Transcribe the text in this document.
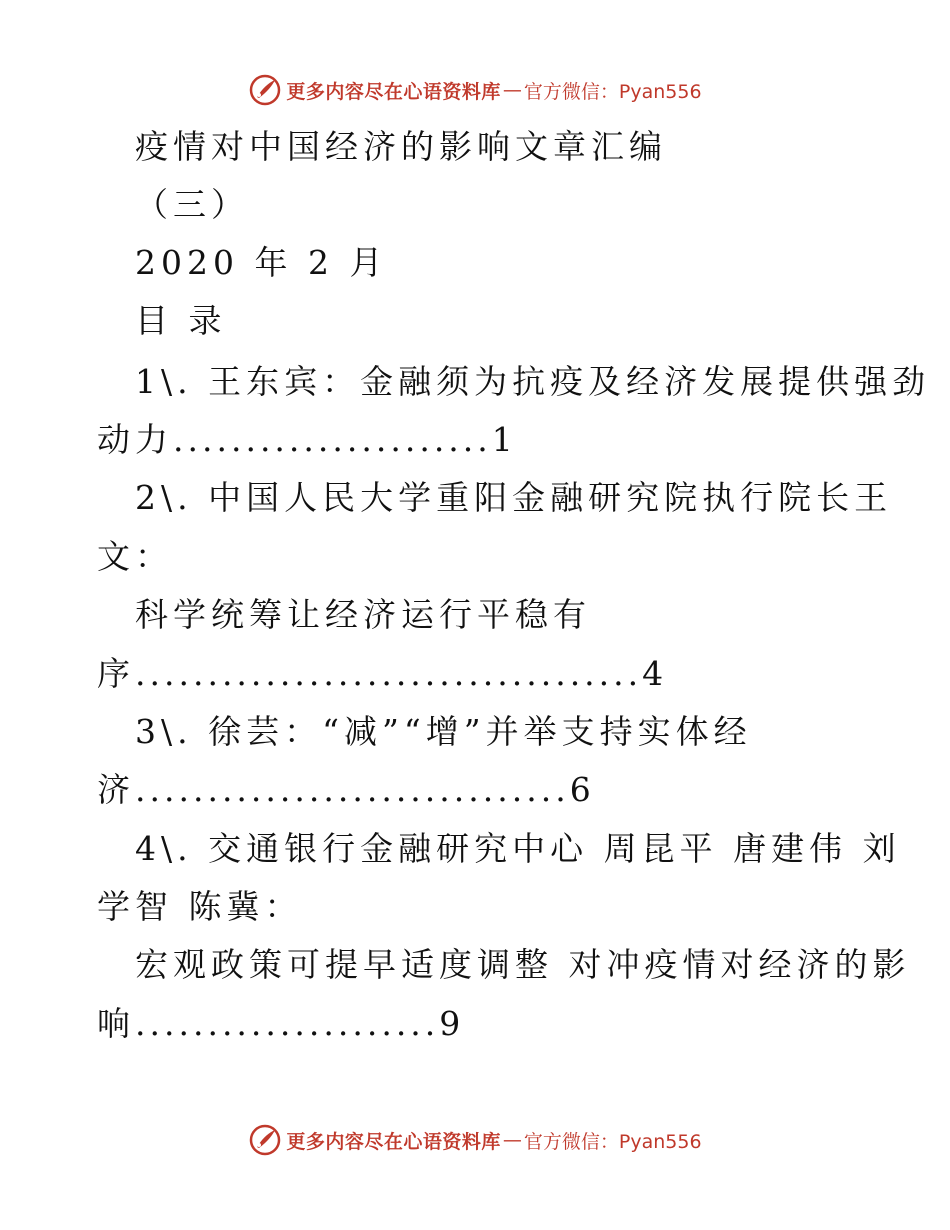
更多内容尽在心语资料库 — 官方微信：Pyan556
疫情对中国经济的影响文章汇编
（三）
2020 年 2 月
目 录
1\. 王东宾：金融须为抗疫及经济发展提供强劲
动力......................1
2\. 中国人民大学重阳金融研究院执行院长王
文：
科学统筹让经济运行平稳有
序...................................4
3\. 徐芸：“减”“增”并举支持实体经
济..............................6
4\. 交通银行金融研究中心 周昆平 唐建伟 刘
学智 陈冀：
宏观政策可提早适度调整 对冲疫情对经济的影
响.....................9
更多内容尽在心语资料库 — 官方微信：Pyan556
